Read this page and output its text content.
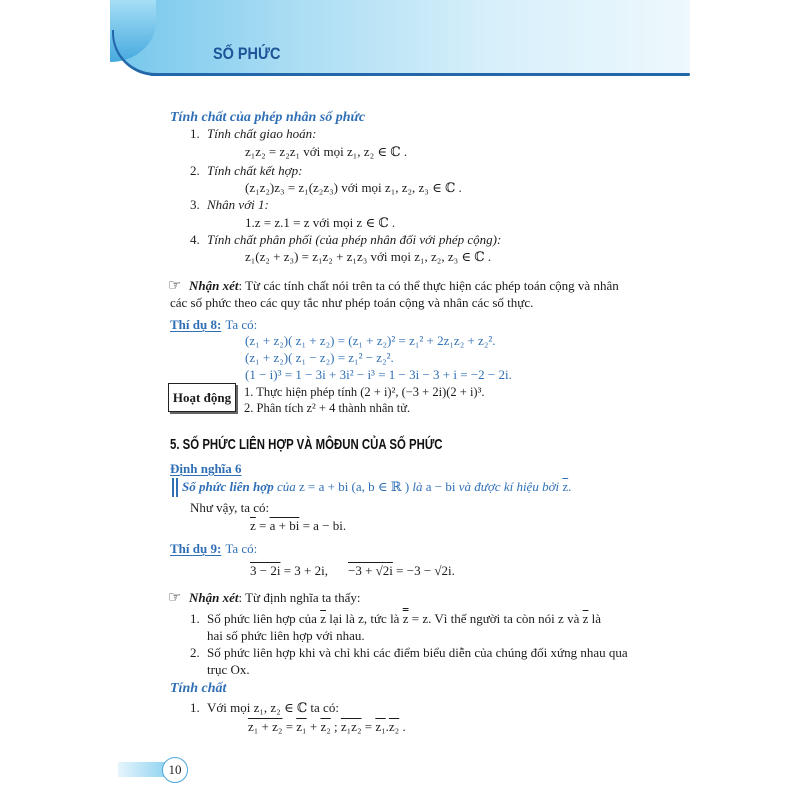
SỐ PHỨC
Tính chất của phép nhân số phức
1. Tính chất giao hoán:
z₁z₂ = z₂z₁ với mọi z₁, z₂ ∈ ℂ .
2. Tính chất kết hợp:
(z₁z₂)z₃ = z₁(z₂z₃) với mọi z₁, z₂, z₃ ∈ ℂ .
3. Nhân với 1:
1.z = z.1 = z với mọi z ∈ ℂ .
4. Tính chất phân phối (của phép nhân đối với phép cộng):
z₁(z₂ + z₃) = z₁z₂ + z₁z₃ với mọi z₁, z₂, z₃ ∈ ℂ .
☞Nhận xét: Từ các tính chất nói trên ta có thể thực hiện các phép toán cộng và nhân
các số phức theo các quy tắc như phép toán cộng và nhân các số thực.
Thí dụ 8: Ta có:
(z₁ + z₂)( z₁ + z₂) = (z₁ + z₂)² = z₁² + 2z₁z₂ + z₂².
(z₁ + z₂)( z₁ − z₂) = z₁² − z₂².
(1 − i)³ = 1 − 3i + 3i² − i³ = 1 − 3i − 3 + i = −2 − 2i.
Hoạt động	1. Thực hiện phép tính (2 + i)², (−3 + 2i)(2 + i)³.
2. Phân tích z² + 4 thành nhân tử.
5. SỐ PHỨC LIÊN HỢP VÀ MÔĐUN CỦA SỐ PHỨC
Định nghĩa 6
Số phức liên hợp của z = a + bi (a, b ∈ ℝ ) là a − bi và được kí hiệu bởi $\overline{z}$.
Như vậy, ta có:
$\overline{z} = a$ + bi = a − bi.
Thí dụ 9: Ta có:
3 − 2i = 3 + 2i, −3 + √2i = −3 − √2i.
☞Nhận xét: Từ định nghĩa ta thấy:
1. Số phức liên hợp của $\overline{z}$ lại là z, tức là z = z. Vì thế người ta còn nói z và $\overline{z}$ là
hai số phức liên hợp với nhau.
2. Số phức liên hợp khi và chỉ khi các điểm biểu diễn của chúng đối xứng nhau qua
trục Ox.
Tính chất
1. Với mọi z₁, z₂ ∈ ℂ ta có:
z₁ + z₂ = z₁ + z₂ ; z₁z₂ = z₁.z₂ .
10
